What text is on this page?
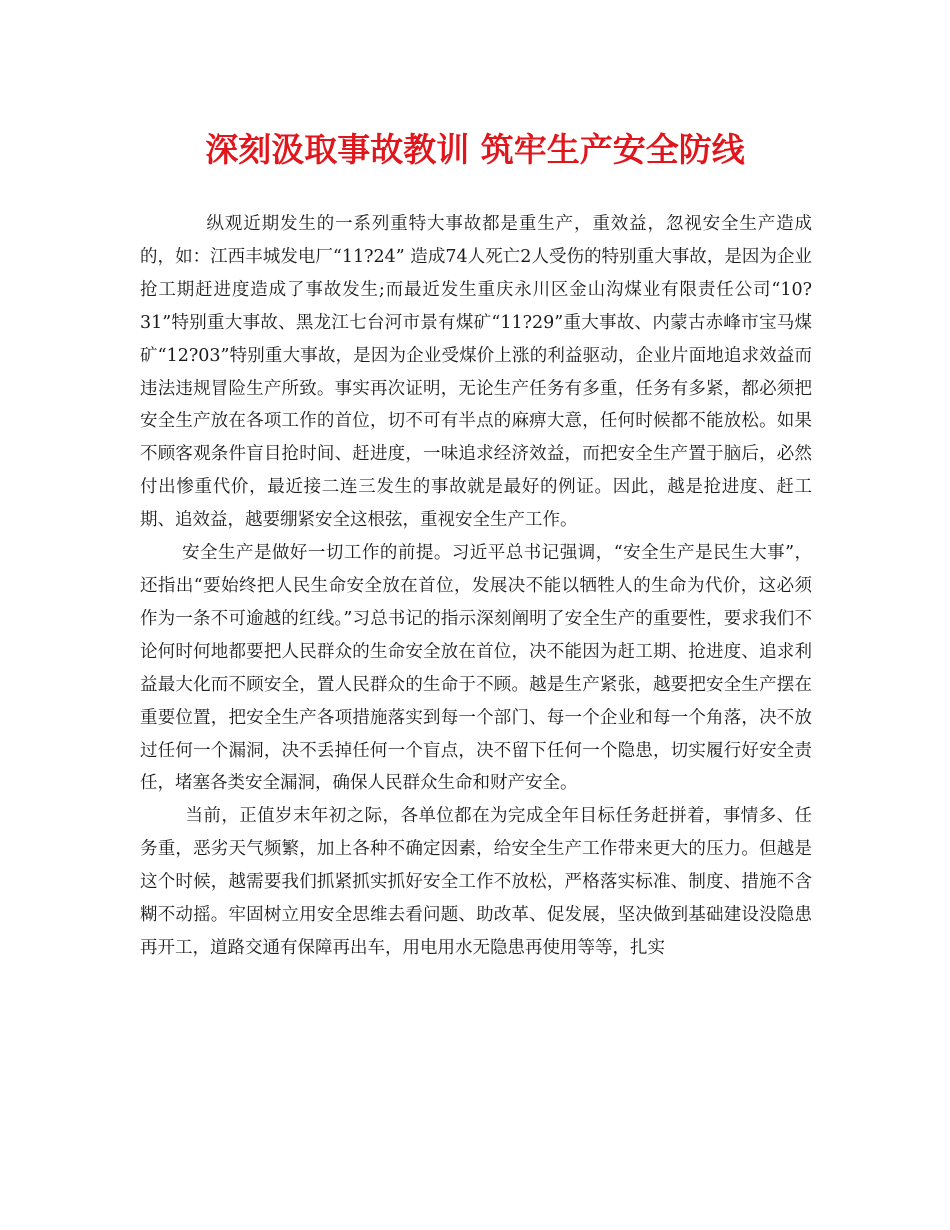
深刻汲取事故教训 筑牢生产安全防线

纵观近期发生的一系列重特大事故都是重生产，重效益，忽视安全生产造成的，如：江西丰城发电厂“11?24” 造成74人死亡2人受伤的特别重大事故，是因为企业抢工期赶进度造成了事故发生;而最近发生重庆永川区金山沟煤业有限责任公司“10?31”特别重大事故、黑龙江七台河市景有煤矿“11?29”重大事故、内蒙古赤峰市宝马煤矿“12?03”特别重大事故，是因为企业受煤价上涨的利益驱动，企业片面地追求效益而违法违规冒险生产所致。事实再次证明，无论生产任务有多重，任务有多紧，都必须把安全生产放在各项工作的首位，切不可有半点的麻痹大意，任何时候都不能放松。如果不顾客观条件盲目抢时间、赶进度，一味追求经济效益，而把安全生产置于脑后，必然付出惨重代价，最近接二连三发生的事故就是最好的例证。因此，越是抢进度、赶工期、追效益，越要绷紧安全这根弦，重视安全生产工作。

安全生产是做好一切工作的前提。习近平总书记强调，“安全生产是民生大事”，还指出“要始终把人民生命安全放在首位，发展决不能以牺牲人的生命为代价，这必须作为一条不可逾越的红线。”习总书记的指示深刻阐明了安全生产的重要性，要求我们不论何时何地都要把人民群众的生命安全放在首位，决不能因为赶工期、抢进度、追求利益最大化而不顾安全，置人民群众的生命于不顾。越是生产紧张，越要把安全生产摆在重要位置，把安全生产各项措施落实到每一个部门、每一个企业和每一个角落，决不放过任何一个漏洞，决不丢掉任何一个盲点，决不留下任何一个隐患，切实履行好安全责任，堵塞各类安全漏洞，确保人民群众生命和财产安全。

当前，正值岁末年初之际，各单位都在为完成全年目标任务赶拼着，事情多、任务重，恶劣天气频繁，加上各种不确定因素，给安全生产工作带来更大的压力。但越是这个时候，越需要我们抓紧抓实抓好安全工作不放松，严格落实标准、制度、措施不含糊不动摇。牢固树立用安全思维去看问题、助改革、促发展，坚决做到基础建设没隐患再开工，道路交通有保障再出车，用电用水无隐患再使用等等，扎实
